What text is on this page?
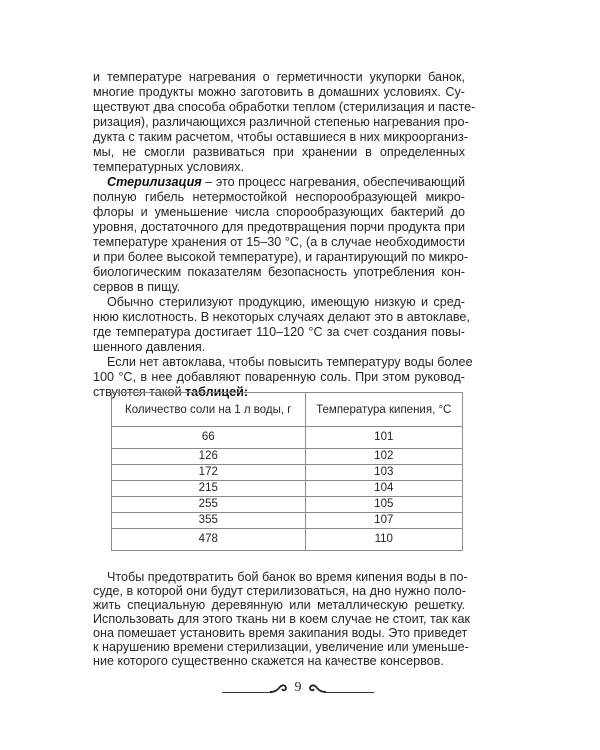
и температуре нагревания о герметичности укупорки банок,
многие продукты можно заготовить в домашних условиях. Су-
ществуют два способа обработки теплом (стерилизация и пасте-
ризация), различающихся различной степенью нагревания про-
дукта с таким расчетом, чтобы оставшиеся в них микроорганиз-
мы, не смогли развиваться при хранении в определенных
температурных условиях.
Стерилизация – это процесс нагревания, обеспечивающий
полную гибель нетермостойкой неспорообразующей микро-
флоры и уменьшение числа спорообразующих бактерий до
уровня, достаточного для предотвращения порчи продукта при
температуре хранения от 15–30 °С, (а в случае необходимости
и при более высокой температуре), и гарантирующий по микро-
биологическим показателям безопасность употребления кон-
сервов в пищу.
Обычно стерилизуют продукцию, имеющую низкую и сред-
нюю кислотность. В некоторых случаях делают это в автоклаве,
где температура достигает 110–120 °С за счет создания повы-
шенного давления.
Если нет автоклава, чтобы повысить температуру воды более
100 °С, в нее добавляют поваренную соль. При этом руковод-
ствуются такой таблицей:
Количество соли на 1 л воды, г	Температура кипения, °С
66	101
126	102
172	103
215	104
255	105
355	107
478	110
Чтобы предотвратить бой банок во время кипения воды в по-
суде, в которой они будут стерилизоваться, на дно нужно поло-
жить специальную деревянную или металлическую решетку.
Использовать для этого ткань ни в коем случае не стоит, так как
она помешает установить время закипания воды. Это приведет
к нарушению времени стерилизации, увеличение или уменьше-
ние которого существенно скажется на качестве консервов.
9
